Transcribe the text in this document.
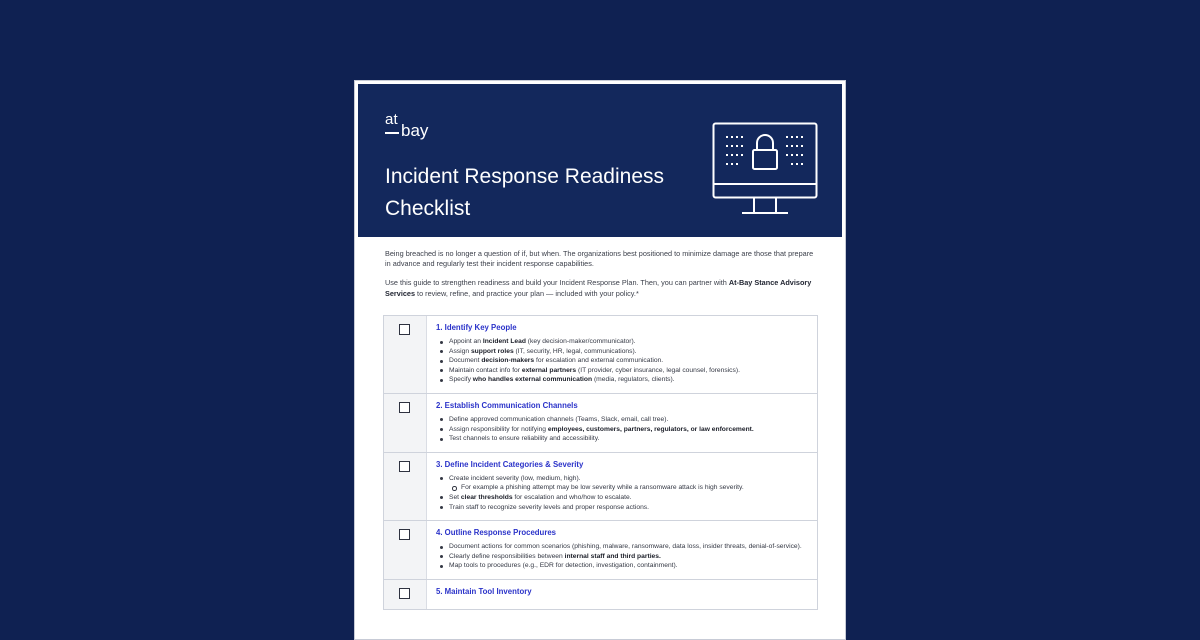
at
bay
Incident Response Readiness Checklist

Being breached is no longer a question of if, but when. The organizations best positioned to minimize damage are those that prepare in advance and regularly test their incident response capabilities.

Use this guide to strengthen readiness and build your Incident Response Plan. Then, you can partner with At-Bay Stance Advisory Services to review, refine, and practice your plan — included with your policy.*

1. Identify Key People
Appoint an Incident Lead (key decision-maker/communicator).
Assign support roles (IT, security, HR, legal, communications).
Document decision-makers for escalation and external communication.
Maintain contact info for external partners (IT provider, cyber insurance, legal counsel, forensics).
Specify who handles external communication (media, regulators, clients).
2. Establish Communication Channels
Define approved communication channels (Teams, Slack, email, call tree).
Assign responsibility for notifying employees, customers, partners, regulators, or law enforcement.
Test channels to ensure reliability and accessibility.
3. Define Incident Categories & Severity
Create incident severity (low, medium, high).
For example a phishing attempt may be low severity while a ransomware attack is high severity.
Set clear thresholds for escalation and who/how to escalate.
Train staff to recognize severity levels and proper response actions.
4. Outline Response Procedures
Document actions for common scenarios (phishing, malware, ransomware, data loss, insider threats, denial-of-service).
Clearly define responsibilities between internal staff and third parties.
Map tools to procedures (e.g., EDR for detection, investigation, containment).
5. Maintain Tool Inventory
